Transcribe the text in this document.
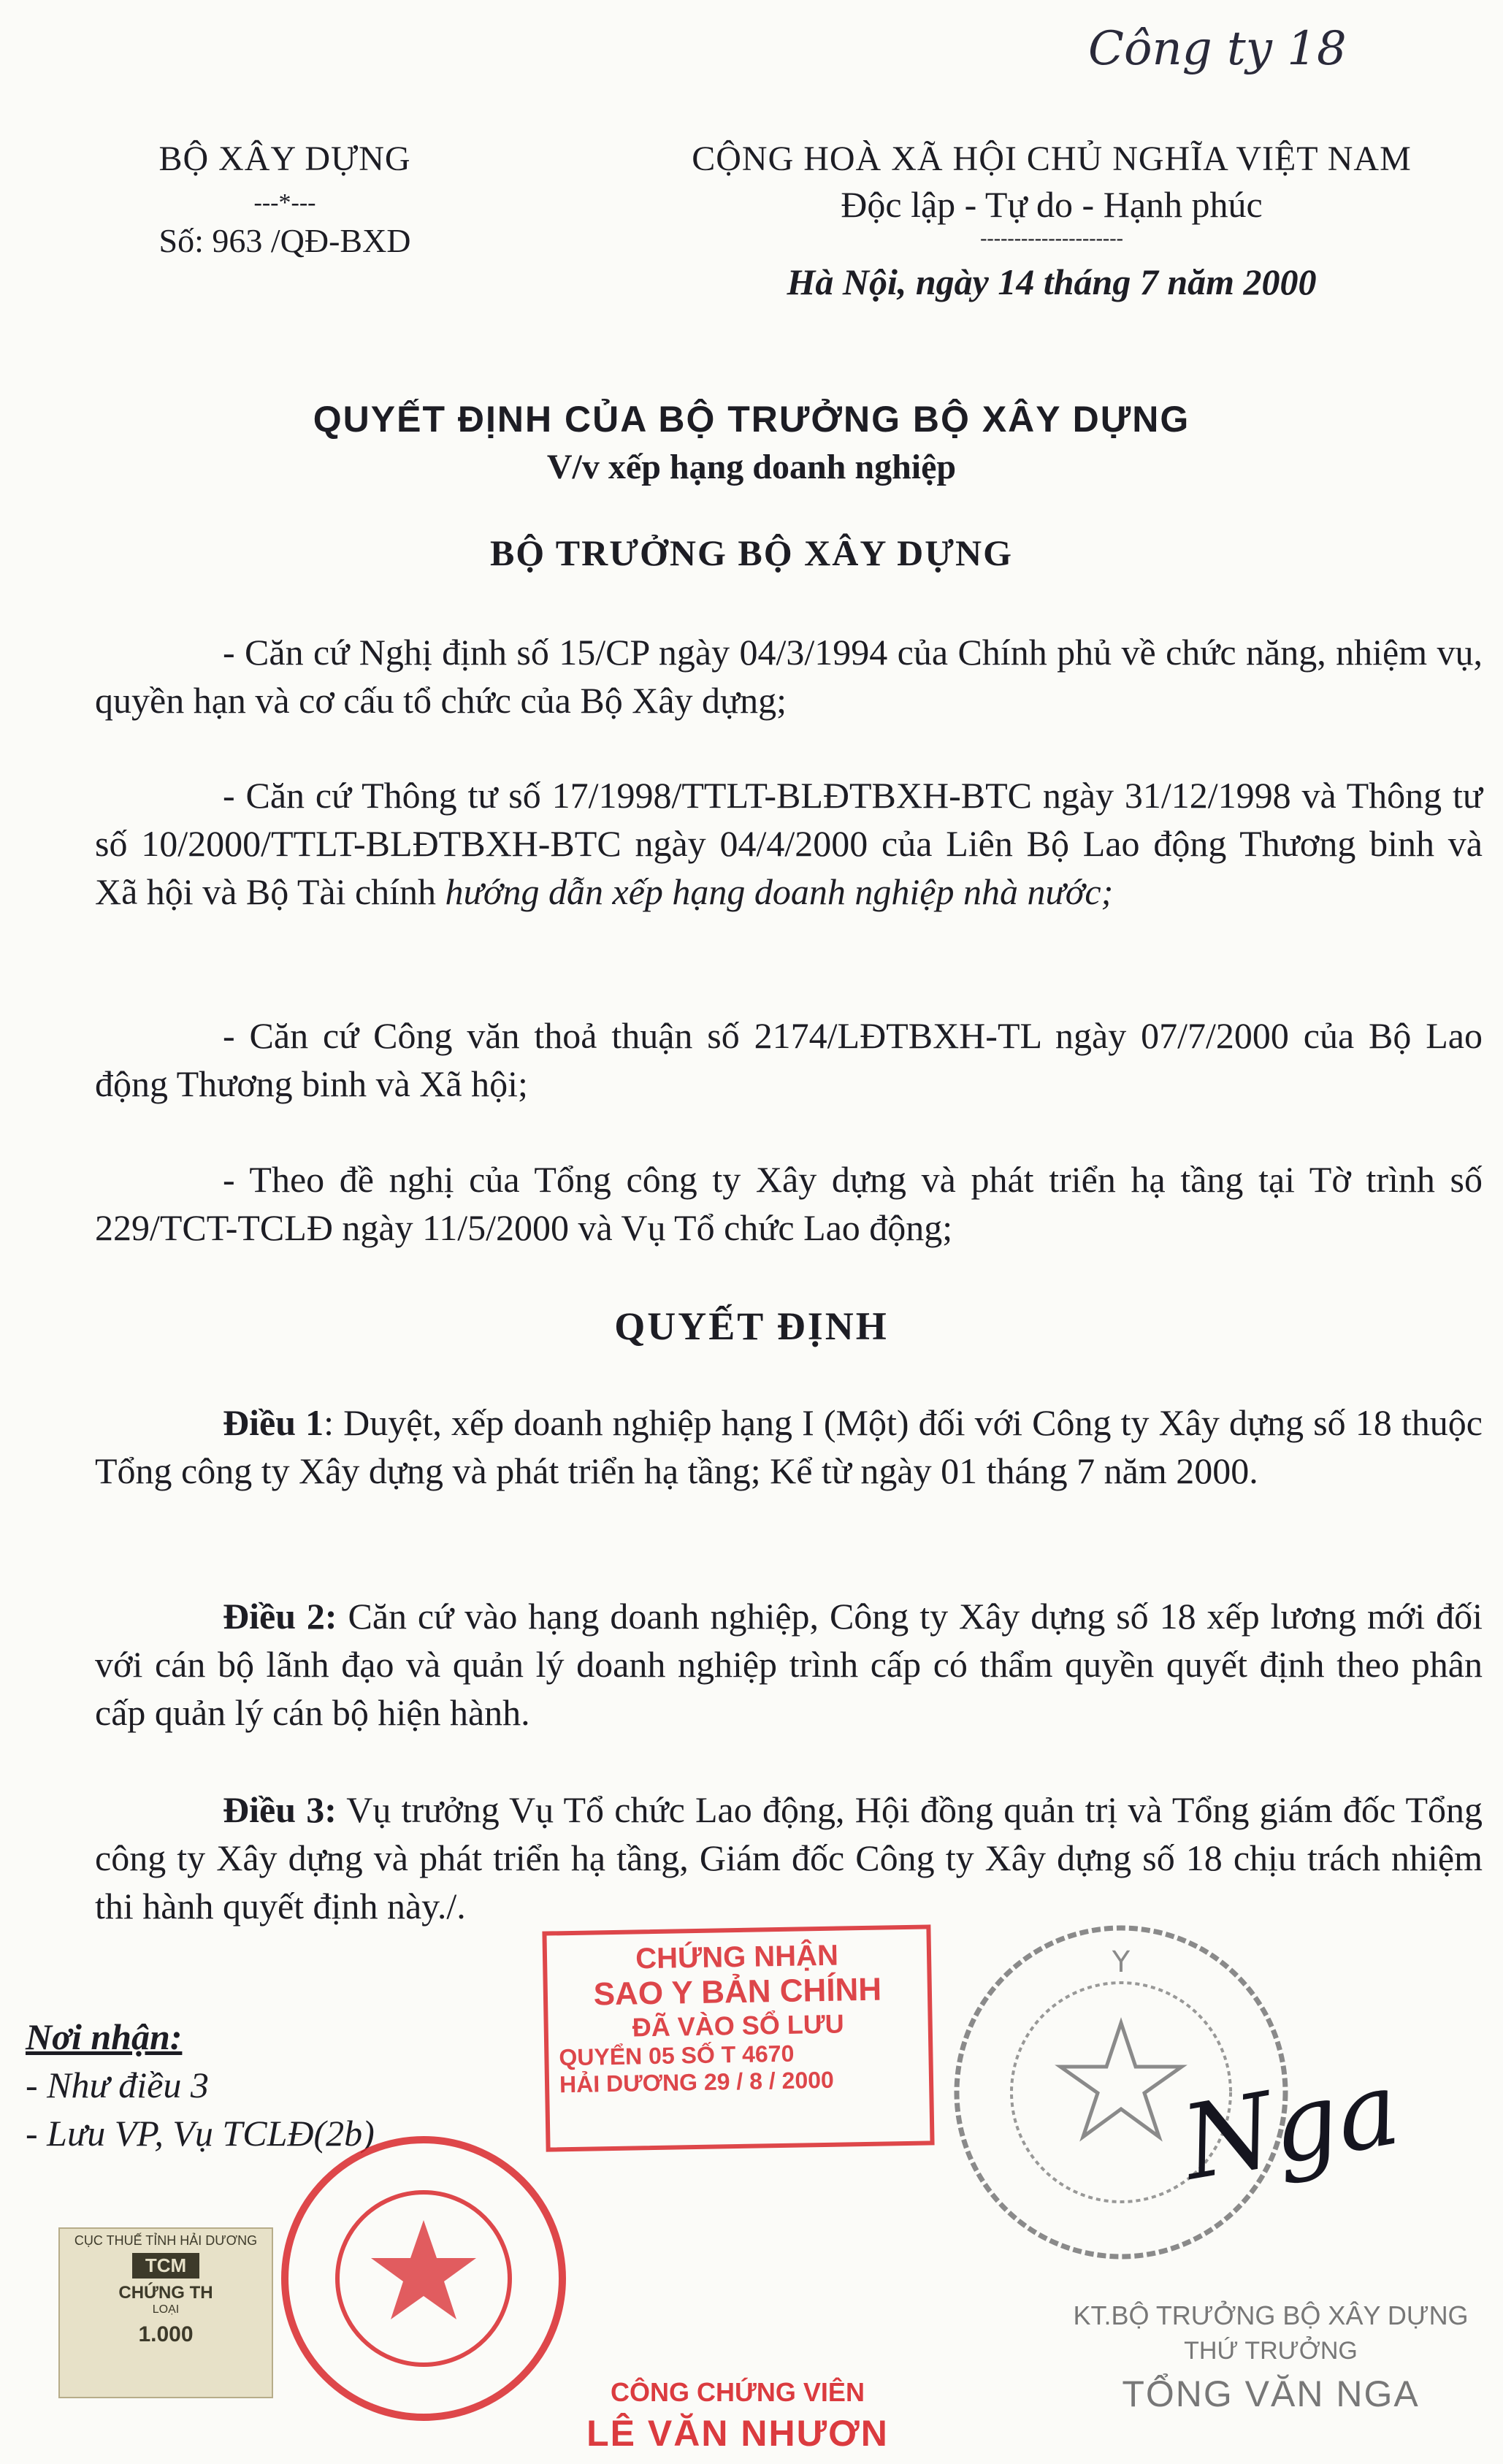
Công ty 18
BỘ XÂY DỰNG
---*---
Số: 963 /QĐ-BXD
CỘNG HOÀ XÃ HỘI CHỦ NGHĨA VIỆT NAM
Độc lập - Tự do - Hạnh phúc
---------------------
Hà Nội, ngày 14 tháng 7 năm 2000
QUYẾT ĐỊNH CỦA BỘ TRƯỞNG BỘ XÂY DỰNG
V/v xếp hạng doanh nghiệp
BỘ TRƯỞNG BỘ XÂY DỰNG
- Căn cứ Nghị định số 15/CP ngày 04/3/1994 của Chính phủ về chức năng, nhiệm vụ, quyền hạn và cơ cấu tổ chức của Bộ Xây dựng;
- Căn cứ Thông tư số 17/1998/TTLT-BLĐTBXH-BTC ngày 31/12/1998 và Thông tư số 10/2000/TTLT-BLĐTBXH-BTC ngày 04/4/2000 của Liên Bộ Lao động Thương binh và Xã hội và Bộ Tài chính hướng dẫn xếp hạng doanh nghiệp nhà nước;
- Căn cứ Công văn thoả thuận số 2174/LĐTBXH-TL ngày 07/7/2000 của Bộ Lao động Thương binh và Xã hội;
- Theo đề nghị của Tổng công ty Xây dựng và phát triển hạ tầng tại Tờ trình số 229/TCT-TCLĐ ngày 11/5/2000 và Vụ Tổ chức Lao động;
QUYẾT ĐỊNH
Điều 1: Duyệt, xếp doanh nghiệp hạng I (Một) đối với Công ty Xây dựng số 18 thuộc Tổng công ty Xây dựng và phát triển hạ tầng; Kể từ ngày 01 tháng 7 năm 2000.
Điều 2: Căn cứ vào hạng doanh nghiệp, Công ty Xây dựng số 18 xếp lương mới đối với cán bộ lãnh đạo và quản lý doanh nghiệp trình cấp có thẩm quyền quyết định theo phân cấp quản lý cán bộ hiện hành.
Điều 3: Vụ trưởng Vụ Tổ chức Lao động, Hội đồng quản trị và Tổng giám đốc Tổng công ty Xây dựng và phát triển hạ tầng, Giám đốc Công ty Xây dựng số 18 chịu trách nhiệm thi hành quyết định này./.
Nơi nhận:
- Như điều 3
- Lưu VP, Vụ TCLĐ(2b)
CHỨNG NHẬN
SAO Y BẢN CHÍNH
ĐÃ VÀO SỔ LƯU
QUYỂN 05 SỐ T 4670
HẢI DƯƠNG 29 / 8 / 2000
Y
Nga
KT.BỘ TRƯỞNG BỘ XÂY DỰNG
THỨ TRƯỞNG
TỔNG VĂN NGA
CỤC THUẾ TỈNH HẢI DƯƠNG
TCM
CHỨNG TH
LOẠI
1.000
CÔNG CHỨNG VIÊN
LÊ VĂN NHƯƠN
